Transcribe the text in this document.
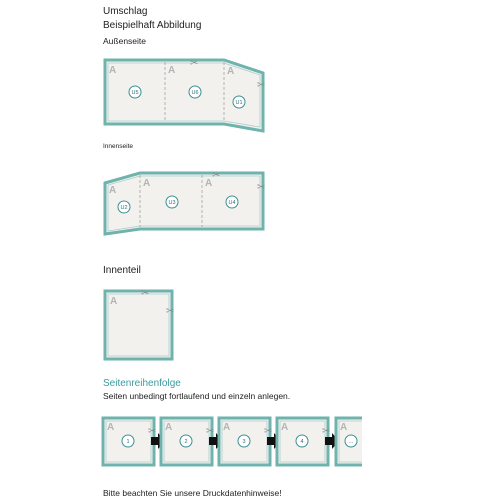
Umschlag
Beispielhaft Abbildung
Außenseite
Innenseite
Innenteil
Seitenreihenfolge
Seiten unbedingt fortlaufend und einzeln anlegen.
Bitte beachten Sie unsere Druckdatenhinweise!
A	A	A
✂
✂
U5	U6
U1
A
A	A
✂
✂
U2
U3	U4
A
✂
✂
A	✂
1
A	✂
2
A	✂
3
A	✂
4
A
...
